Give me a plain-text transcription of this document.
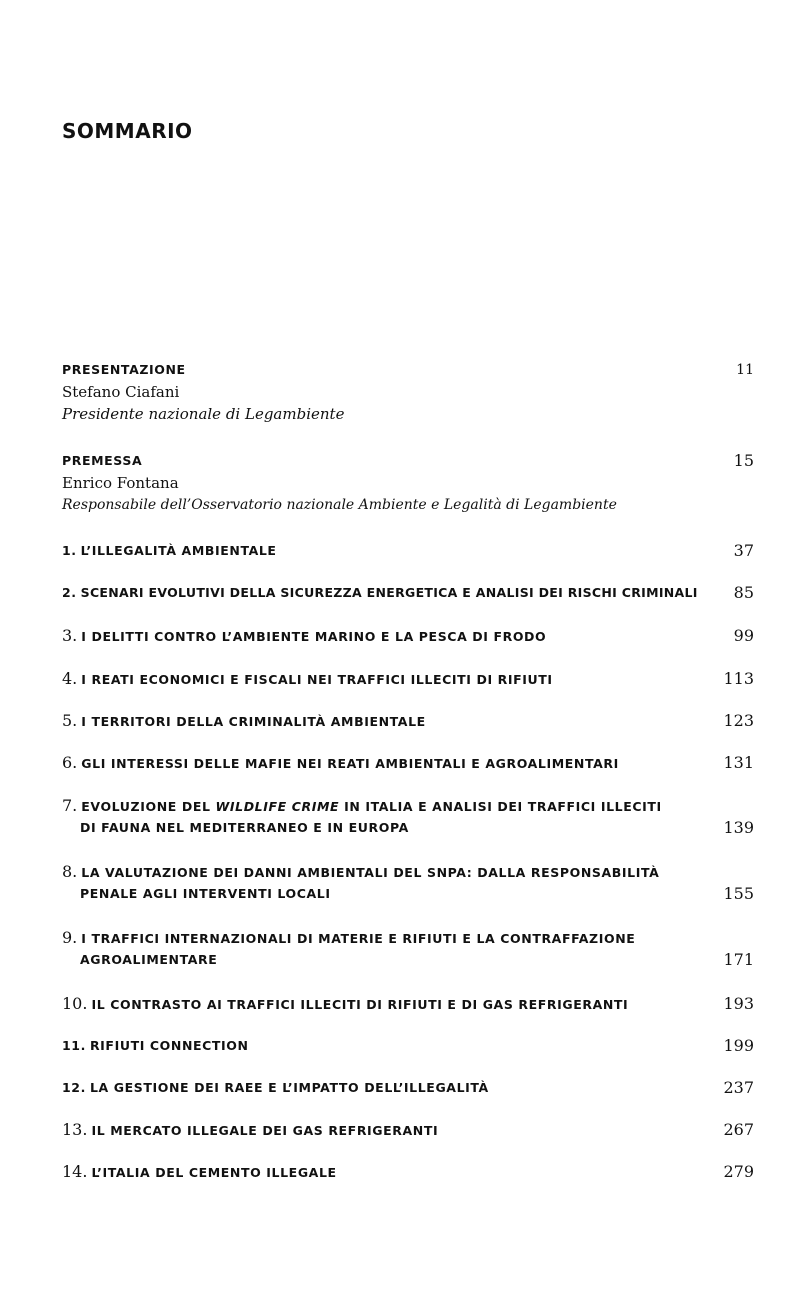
SOMMARIO
PRESENTAZIONE	11
Stefano Ciafani
Presidente nazionale di Legambiente
PREMESSA	15
Enrico Fontana
Responsabile dell’Osservatorio nazionale Ambiente e Legalità di Legambiente
1. L’ILLEGALITÀ AMBIENTALE	37
2. SCENARI EVOLUTIVI DELLA SICUREZZA ENERGETICA E ANALISI DEI RISCHI CRIMINALI 85
3. I DELITTI CONTRO L’AMBIENTE MARINO E LA PESCA DI FRODO	99
4. I REATI ECONOMICI E FISCALI NEI TRAFFICI ILLECITI DI RIFIUTI	113
5. I TERRITORI DELLA CRIMINALITÀ AMBIENTALE	123
6. GLI INTERESSI DELLE MAFIE NEI REATI AMBIENTALI E AGROALIMENTARI	131
7. EVOLUZIONE DEL WILDLIFE CRIME IN ITALIA E ANALISI DEI TRAFFICI ILLECITI
DI FAUNA NEL MEDITERRANEO E IN EUROPA	139
8. LA VALUTAZIONE DEI DANNI AMBIENTALI DEL SNPA: DALLA RESPONSABILITÀ
PENALE AGLI INTERVENTI LOCALI	155
9. I TRAFFICI INTERNAZIONALI DI MATERIE E RIFIUTI E LA CONTRAFFAZIONE
AGROALIMENTARE	171
10. IL CONTRASTO AI TRAFFICI ILLECITI DI RIFIUTI E DI GAS REFRIGERANTI	193
11. RIFIUTI CONNECTION	199
12. LA GESTIONE DEI RAEE E L’IMPATTO DELL’ILLEGALITÀ	237
13. IL MERCATO ILLEGALE DEI GAS REFRIGERANTI	267
14. L’ITALIA DEL CEMENTO ILLEGALE	279
